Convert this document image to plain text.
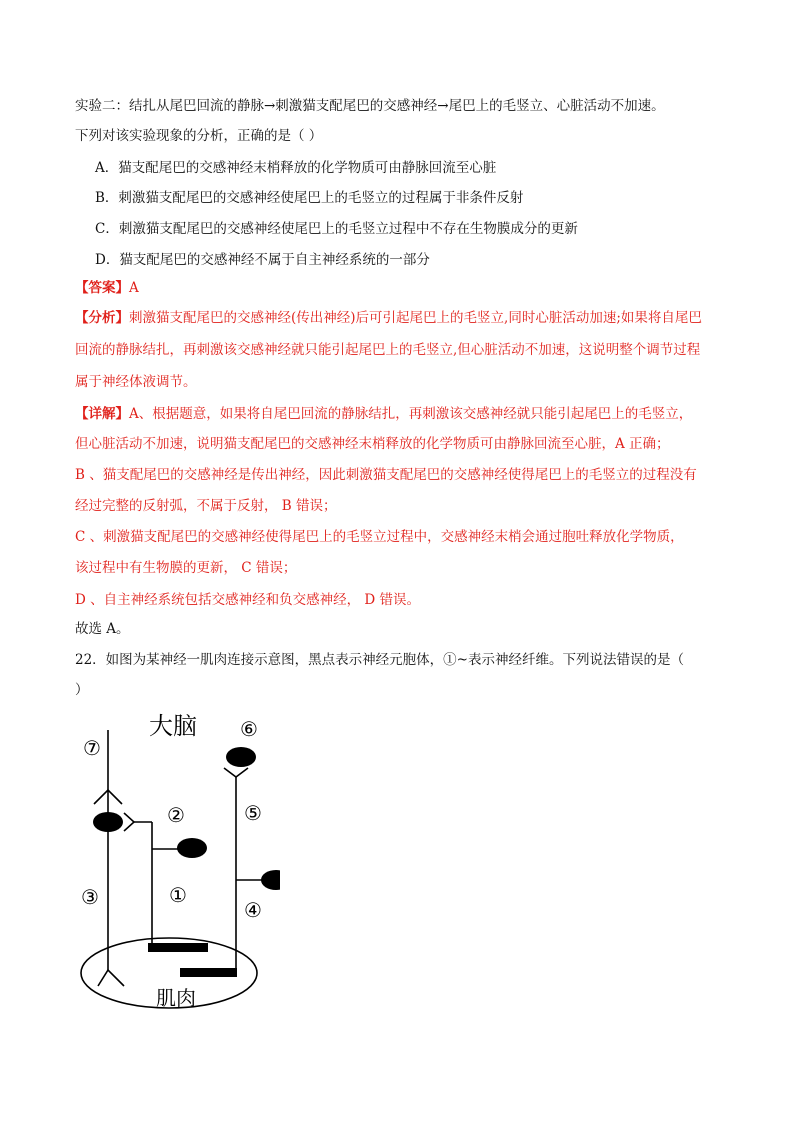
实验二：结扎从尾巴回流的静脉→刺激猫支配尾巴的交感神经→尾巴上的毛竖立、心脏活动不加速。
下列对该实验现象的分析，正确的是（ ）
A．猫支配尾巴的交感神经末梢释放的化学物质可由静脉回流至心脏
B．刺激猫支配尾巴的交感神经使尾巴上的毛竖立的过程属于非条件反射
C．刺激猫支配尾巴的交感神经使尾巴上的毛竖立过程中不存在生物膜成分的更新
D．猫支配尾巴的交感神经不属于自主神经系统的一部分
【答案】A
【分析】刺激猫支配尾巴的交感神经(传出神经)后可引起尾巴上的毛竖立,同时心脏活动加速;如果将自尾巴
回流的静脉结扎，再刺激该交感神经就只能引起尾巴上的毛竖立,但心脏活动不加速，这说明整个调节过程
属于神经体液调节。
【详解】A、根据题意，如果将自尾巴回流的静脉结扎，再刺激该交感神经就只能引起尾巴上的毛竖立，
但心脏活动不加速，说明猫支配尾巴的交感神经末梢释放的化学物质可由静脉回流至心脏，A 正确；
B 、猫支配尾巴的交感神经是传出神经，因此刺激猫支配尾巴的交感神经使得尾巴上的毛竖立的过程没有
经过完整的反射弧，不属于反射， B 错误；
C 、刺激猫支配尾巴的交感神经使得尾巴上的毛竖立过程中，交感神经末梢会通过胞吐释放化学物质，
该过程中有生物膜的更新， C 错误；
D 、自主神经系统包括交感神经和负交感神经， D 错误。
故选 A。
22．如图为某神经一肌肉连接示意图，黑点表示神经元胞体，①~表示神经纤维。下列说法错误的是（
）
大脑
肌肉
①
②
③
④
⑤
⑥
⑦
